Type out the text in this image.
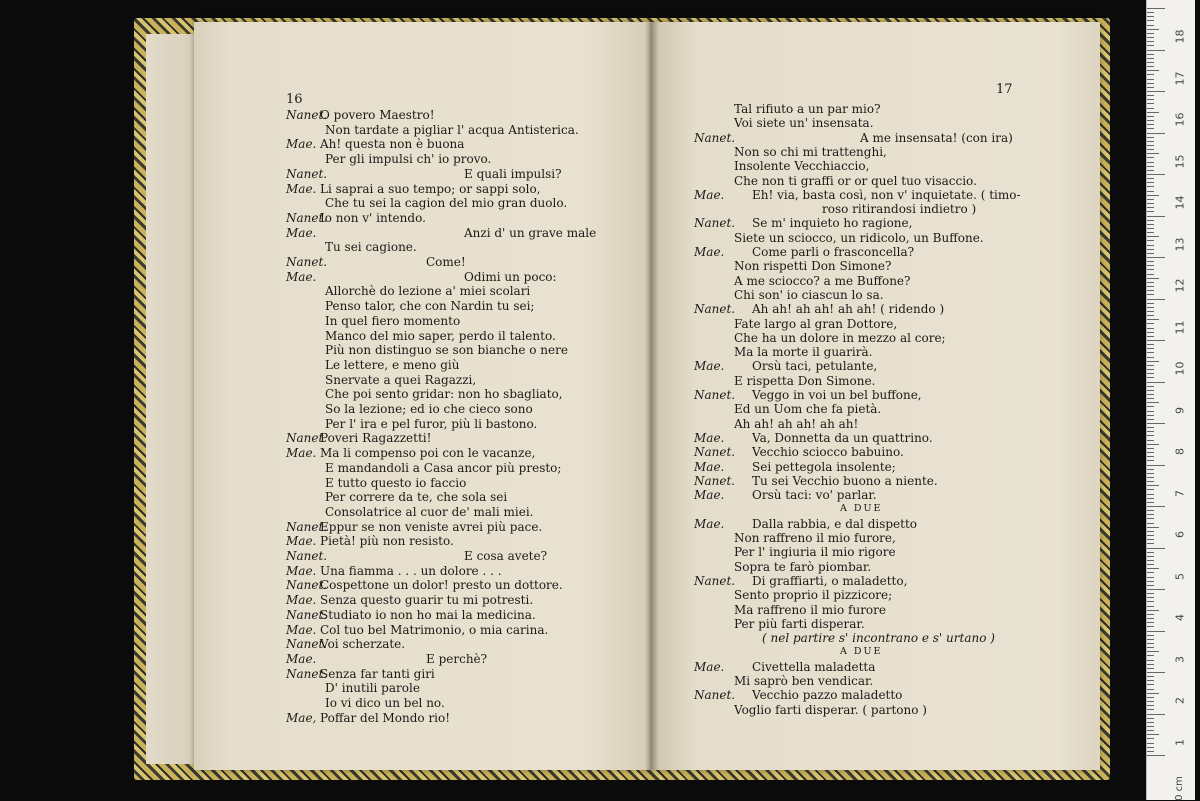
16
Nanet.
O povero Maestro!
Non tardate a pigliar l' acqua Antisterica.
Mae. Ah! questa non è buona
Per gli impulsi ch' io provo.
Nanet.	E quali impulsi?
Mae. Li saprai a suo tempo; or sappi solo,
Che tu sei la cagion del mio gran duolo.
Nanet.
Io non v' intendo.
Mae.	Anzi d' un grave male
Tu sei cagione.
Nanet.	Come!
Mae.	Odimi un poco:
Allorchè do lezione a' miei scolari
Penso talor, che con Nardin tu sei;
In quel fiero momento
Manco del mio saper, perdo il talento.
Più non distinguo se son bianche o nere
Le lettere, e meno giù
Snervate a quei Ragazzi,
Che poi sento gridar: non ho sbagliato,
So la lezione; ed io che cieco sono
Per l' ira e pel furor, più li bastono.
Nanet.
Poveri Ragazzetti!
Mae. Ma li compenso poi con le vacanze,
E mandandoli a Casa ancor più presto;
E tutto questo io faccio
Per correre da te, che sola sei
Consolatrice al cuor de' mali miei.
Nanet.
Eppur se non veniste avrei più pace.
Mae. Pietà! più non resisto.
Nanet.	E cosa avete?
Mae. Una fiamma . . . un dolore . . .
Nanet.
Cospettone un dolor! presto un dottore.
Mae. Senza questo guarir tu mi potresti.
Nanet.
Studiato io non ho mai la medicina.
Mae. Col tuo bel Matrimonio, o mia carina.
Nanet.
Voi scherzate.
Mae.	E perchè?
Nanet.
Senza far tanti giri
D' inutili parole
Io vi dico un bel no.
Mae, Poffar del Mondo rio!
17
Tal rifiuto a un par mio?
Voi siete un' insensata.
Nanet.	A me insensata! (con ira)
Non so chi mi trattenghi,
Insolente Vecchiaccio,
Che non ti graffi or or quel tuo visaccio.
Mae. Eh! via, basta così, non v' inquietate. ( timo-
roso ritirandosi indietro )
Nanet. Se m' inquieto ho ragione,
Siete un sciocco, un ridicolo, un Buffone.
Mae. Come parli o frasconcella?
Non rispetti Don Simone?
A me sciocco? a me Buffone?
Chi son' io ciascun lo sa.
Nanet. Ah ah! ah ah! ah ah! ( ridendo )
Fate largo al gran Dottore,
Che ha un dolore in mezzo al core;
Ma la morte il guarirà.
Mae. Orsù taci, petulante,
E rispetta Don Simone.
Nanet. Veggo in voi un bel buffone,
Ed un Uom che fa pietà.
Ah ah! ah ah! ah ah!
Mae. Va, Donnetta da un quattrino.
Nanet. Vecchio sciocco babuino.
Mae. Sei pettegola insolente;
Nanet. Tu sei Vecchio buono a niente.
Mae. Orsù taci: vo' parlar.
A DUE
Mae. Dalla rabbia, e dal dispetto
Non raffreno il mio furore,
Per l' ingiuria il mio rigore
Sopra te farò piombar.
Nanet. Di graffiarti, o maladetto,
Sento proprio il pizzicore;
Ma raffreno il mio furore
Per più farti disperar.
( nel partire s' incontrano e s' urtano )
A DUE
Mae. Civettella maladetta
Mi saprò ben vendicar.
Nanet. Vecchio pazzo maladetto
Voglio farti disperar. ( partono )
0 cm
18
17
16
15
14
13
12
11
10
9
8
7
6
5
4
3
2
1
